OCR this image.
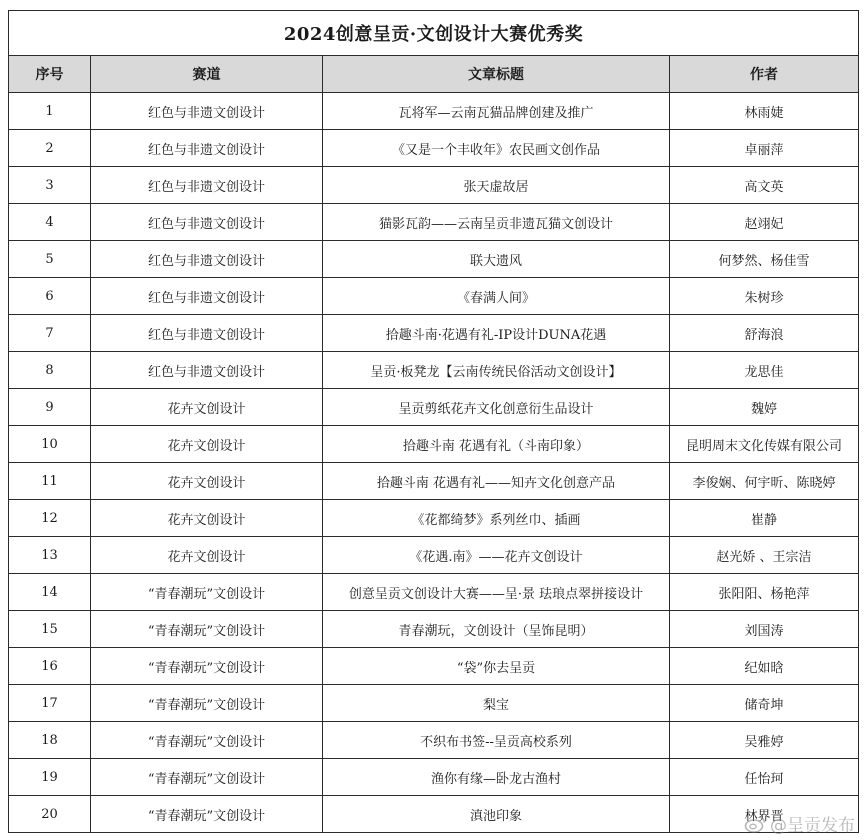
2024创意呈贡·文创设计大赛优秀奖			
序号	赛道	文章标题	作者
1	红色与非遗文创设计	瓦将军—云南瓦猫品牌创建及推广	林雨婕
2	红色与非遗文创设计	《又是一个丰收年》农民画文创作品	卓丽萍
3	红色与非遗文创设计	张天虚故居	高文英
4	红色与非遗文创设计	猫影瓦韵——云南呈贡非遗瓦猫文创设计	赵翊妃
5	红色与非遗文创设计	联大遗风	何梦然、杨佳雪
6	红色与非遗文创设计	《春满人间》	朱树珍
7	红色与非遗文创设计	拾趣斗南·花遇有礼-IP设计DUNA花遇	舒海浪
8	红色与非遗文创设计	呈贡·板凳龙【云南传统民俗活动文创设计】	龙思佳
9	花卉文创设计	呈贡剪纸花卉文化创意衍生品设计	魏婷
10	花卉文创设计	拾趣斗南 花遇有礼（斗南印象）	昆明周末文化传媒有限公司
11	花卉文创设计	拾趣斗南 花遇有礼——知卉文化创意产品	李俊娴、何宇昕、陈晓婷
12	花卉文创设计	《花都绮梦》系列丝巾、插画	崔静
13	花卉文创设计	《花遇.南》——花卉文创设计	赵光娇 、王宗洁
14	“青春潮玩”文创设计	创意呈贡文创设计大赛——呈·景 珐琅点翠拼接设计	张阳阳、杨艳萍
15	“青春潮玩”文创设计	青春潮玩，文创设计（呈饰昆明）	刘国涛
16	“青春潮玩”文创设计	“袋”你去呈贡	纪如晗
17	“青春潮玩”文创设计	梨宝	储奇坤
18	“青春潮玩”文创设计	不织布书签--呈贡高校系列	吴雅婷
19	“青春潮玩”文创设计	渔你有缘—卧龙古渔村	任怡珂
20	“青春潮玩”文创设计	滇池印象	林界晋
@呈贡发布
